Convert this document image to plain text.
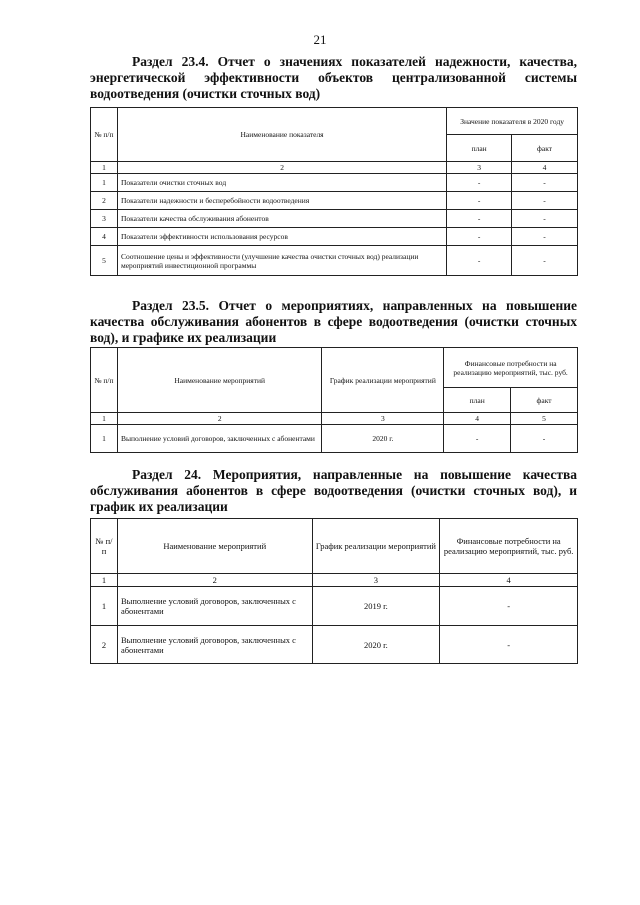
21
Раздел 23.4. Отчет о значениях показателей надежности, качества, энергетической эффективности объектов централизованной системы водоотведения (очистки сточных вод)
№ п/п	Наименование показателя	Значение показателя в 2020 году	
		план	факт
1	2	3	4
1	Показатели очистки сточных вод	-	-
2	Показатели надежности и бесперебойности водоотведения	-	-
3	Показатели качества обслуживания абонентов	-	-
4	Показатели эффективности использования ресурсов	-	-
5	Соотношение цены и эффективности (улучшение качества очистки сточных вод) реализации мероприятий инвестиционной программы	-	-
Раздел 23.5. Отчет о мероприятиях, направленных на повышение качества обслуживания абонентов в сфере водоотведения (очистки сточных вод), и графике их реализации
№ п/п	Наименование мероприятий	График реализации мероприятий	Финансовые потребности на реализацию мероприятий, тыс. руб.	
			план	факт
1	2	3	4	5
1	Выполнение условий договоров, заключенных с абонентами	2020 г.	-	-
Раздел 24. Мероприятия, направленные на повышение качества обслуживания абонентов в сфере водоотведения (очистки сточных вод), и график их реализации
№ п/п	Наименование мероприятий	График реализации мероприятий	Финансовые потребности на реализацию мероприятий, тыс. руб.
1	2	3	4
1	Выполнение условий договоров, заключенных с абонентами	2019 г.	-
2	Выполнение условий договоров, заключенных с абонентами	2020 г.	-
